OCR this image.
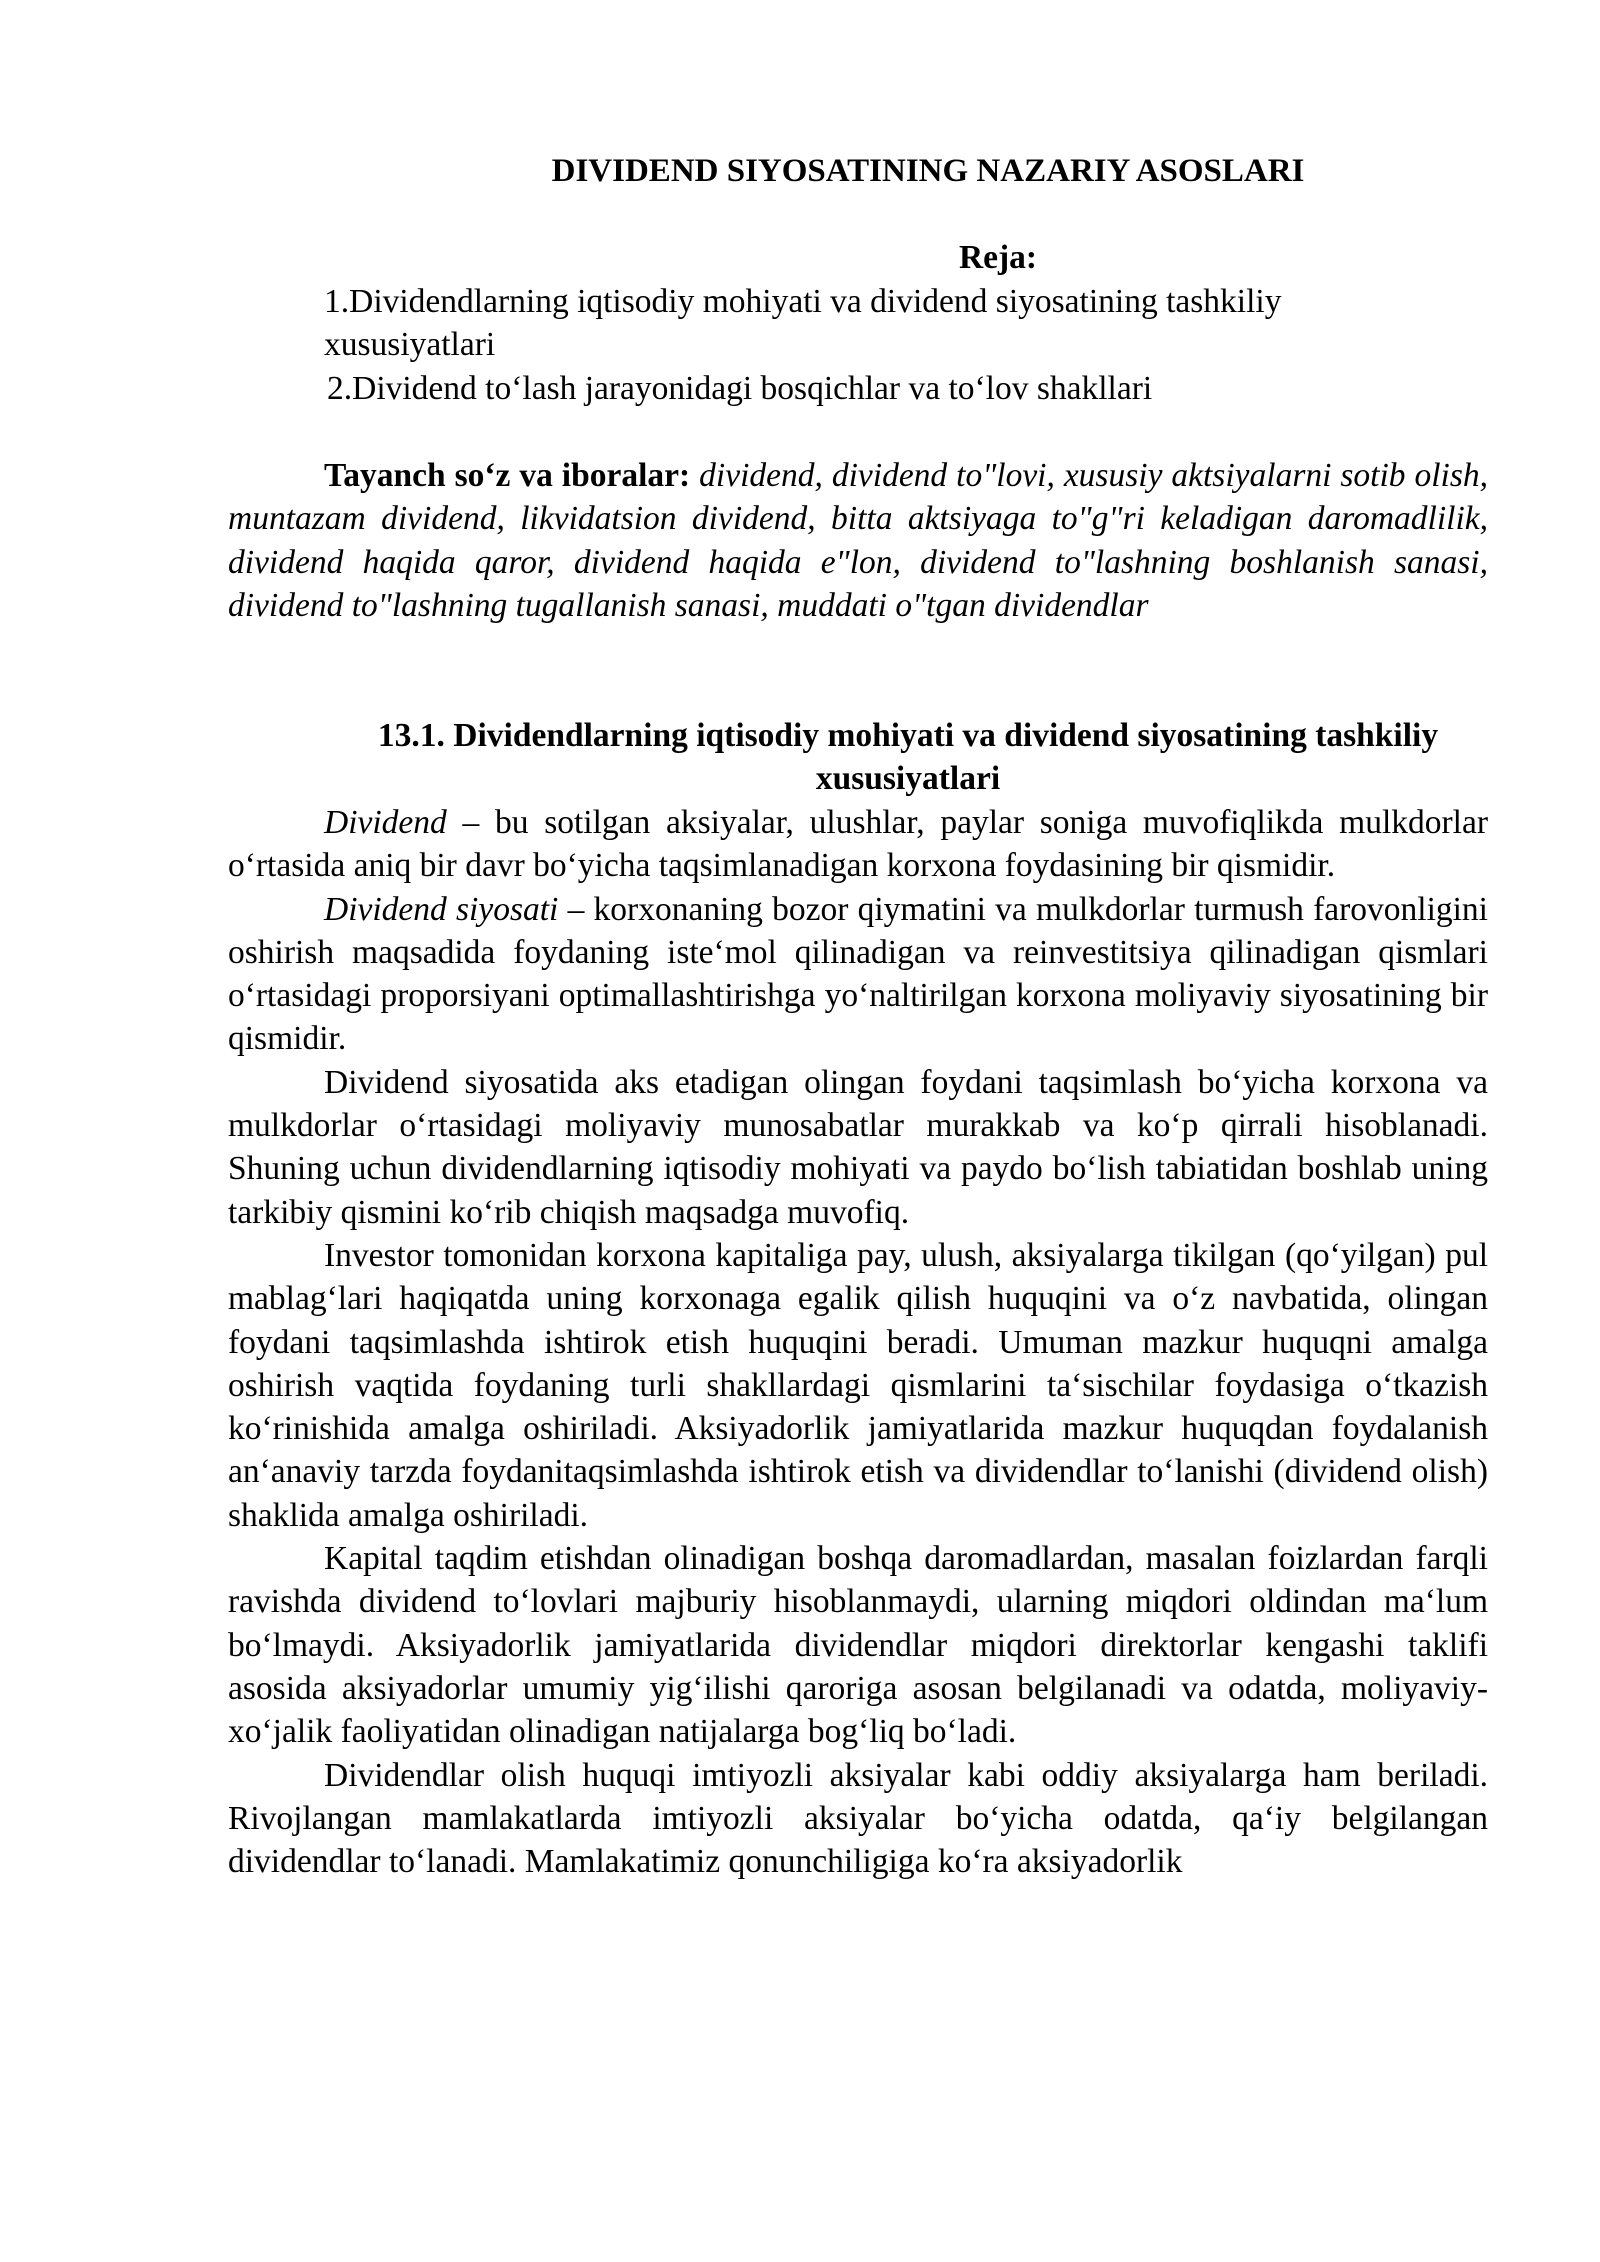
DIVIDEND SIYOSATINING NAZARIY ASOSLARI
Reja:
1.Dividendlarning iqtisodiy mohiyati va dividend siyosatining tashkiliy xususiyatlari
2.Dividend to‘lash jarayonidagi bosqichlar va to‘lov shakllari
Tayanch so‘z va iboralar: dividend, dividend to"lovi, xususiy aktsiyalarni sotib olish, muntazam dividend, likvidatsion dividend, bitta aktsiyaga to"g"ri keladigan daromadlilik, dividend haqida qaror, dividend haqida e"lon, dividend to"lashning boshlanish sanasi, dividend to"lashning tugallanish sanasi, muddati o"tgan dividendlar
13.1. Dividendlarning iqtisodiy mohiyati va dividend siyosatining tashkiliy xususiyatlari

Dividend – bu sotilgan aksiyalar, ulushlar, paylar soniga muvofiqlikda mulkdorlar o‘rtasida aniq bir davr bo‘yicha taqsimlanadigan korxona foydasining bir qismidir.

Dividend siyosati – korxonaning bozor qiymatini va mulkdorlar turmush farovonligini oshirish maqsadida foydaning iste‘mol qilinadigan va reinvestitsiya qilinadigan qismlari o‘rtasidagi proporsiyani optimallashtirishga yo‘naltirilgan korxona moliyaviy siyosatining bir qismidir.

Dividend siyosatida aks etadigan olingan foydani taqsimlash bo‘yicha korxona va mulkdorlar o‘rtasidagi moliyaviy munosabatlar murakkab va ko‘p qirrali hisoblanadi. Shuning uchun dividendlarning iqtisodiy mohiyati va paydo bo‘lish tabiatidan boshlab uning tarkibiy qismini ko‘rib chiqish maqsadga muvofiq.

Investor tomonidan korxona kapitaliga pay, ulush, aksiyalarga tikilgan (qo‘yilgan) pul mablag‘lari haqiqatda uning korxonaga egalik qilish huquqini va o‘z navbatida, olingan foydani taqsimlashda ishtirok etish huquqini beradi. Umuman mazkur huquqni amalga oshirish vaqtida foydaning turli shakllardagi qismlarini ta‘sischilar foydasiga o‘tkazish ko‘rinishida amalga oshiriladi. Aksiyadorlik jamiyatlarida mazkur huquqdan foydalanish an‘anaviy tarzda foydanitaqsimlashda ishtirok etish va dividendlar to‘lanishi (dividend olish) shaklida amalga oshiriladi.

Kapital taqdim etishdan olinadigan boshqa daromadlardan, masalan foizlardan farqli ravishda dividend to‘lovlari majburiy hisoblanmaydi, ularning miqdori oldindan ma‘lum bo‘lmaydi. Aksiyadorlik jamiyatlarida dividendlar miqdori direktorlar kengashi taklifi asosida aksiyadorlar umumiy yig‘ilishi qaroriga asosan belgilanadi va odatda, moliyaviy-xo‘jalik faoliyatidan olinadigan natijalarga bog‘liq bo‘ladi.

Dividendlar olish huquqi imtiyozli aksiyalar kabi oddiy aksiyalarga ham beriladi. Rivojlangan mamlakatlarda imtiyozli aksiyalar bo‘yicha odatda, qa‘iy belgilangan dividendlar to‘lanadi. Mamlakatimiz qonunchiligiga ko‘ra aksiyadorlik
